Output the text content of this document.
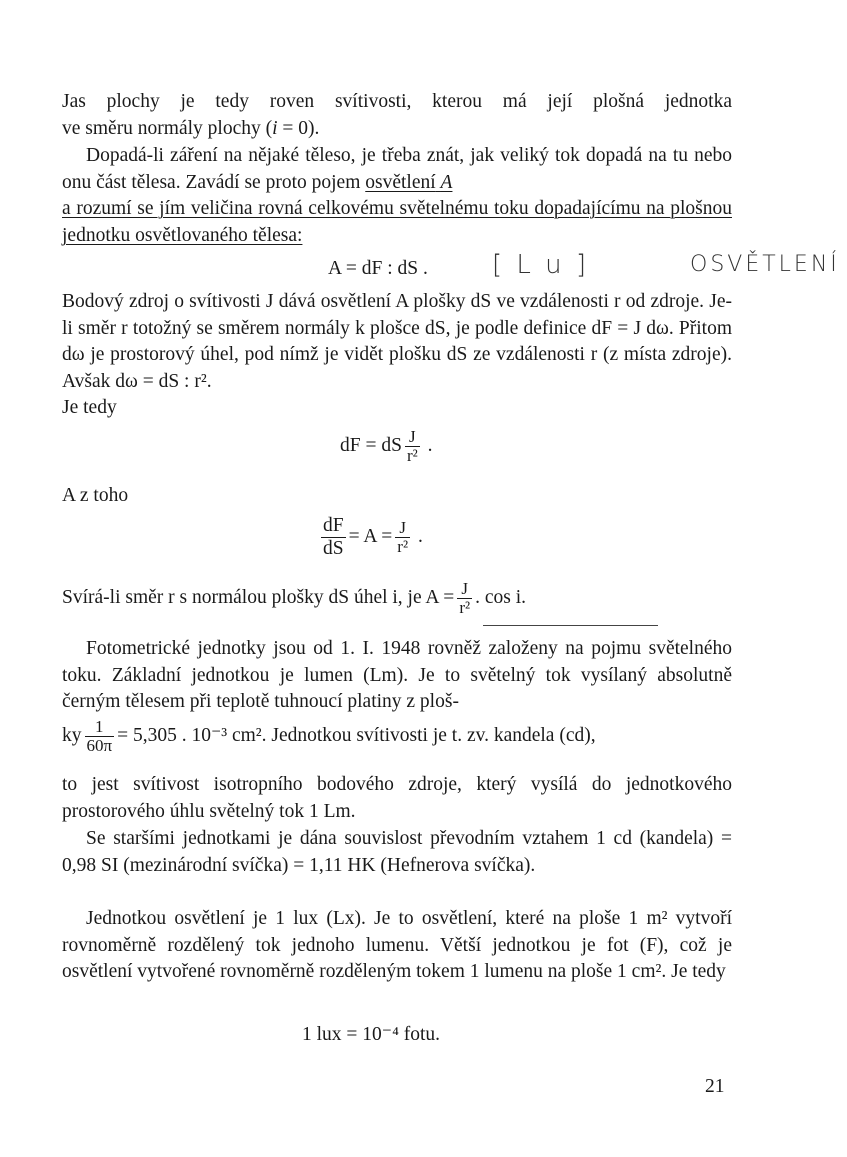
Jas plochy je tedy roven svítivosti, kterou má její plošná jednotka

ve směru normály plochy (i = 0).

Dopadá-li záření na nějaké těleso, je třeba znát, jak veliký tok dopadá na tu nebo onu část tělesa. Zavádí se proto pojem osvětlení A
a rozumí se jím veličina rovná celkovému světelnému toku dopadajícímu na plošnou jednotku osvětlovaného tělesa:

A = dF : dS . [ L u ]	OSVĚTLENÍ

Bodový zdroj o svítivosti J dává osvětlení A plošky dS ve vzdálenosti r od zdroje. Je-li směr r totožný se směrem normály k plošce dS, je podle definice dF = J dω. Přitom dω je prostorový úhel, pod nímž je vidět plošku dS ze vzdálenosti r (z místa zdroje). Avšak dω = dS : r².

Je tedy

dF = dS $\frac{J}{\text{r²}}$ .

A z toho

$\frac{dF}{dS} = A = \frac{J}{\text{r²}}$ .
Svírá-li směr r s normálou plošky dS úhel i, je $A = \frac{J}{\text{r²}}$ . cos i.

Fotometrické jednotky jsou od 1. I. 1948 rovněž založeny na pojmu světelného toku. Základní jednotkou je lumen (Lm). Je to světelný tok vysílaný absolutně černým tělesem při teplotě tuhnoucí platiny z ploš-

ky $\frac{1}{60\pi} = 5,305$ . 10⁻³ cm². Jednotkou svítivosti je t. zv. kandela (cd),

to jest svítivost isotropního bodového zdroje, který vysílá do jednotkového prostorového úhlu světelný tok 1 Lm.

Se staršími jednotkami je dána souvislost převodním vztahem 1 cd (kandela) = 0,98 SI (mezinárodní svíčka) = 1,11 HK (Hefnerova svíčka).

Jednotkou osvětlení je 1 lux (Lx). Je to osvětlení, které na ploše 1 m² vytvoří rovnoměrně rozdělený tok jednoho lumenu. Větší jednotkou je fot (F), což je osvětlení vytvořené rovnoměrně rozděleným tokem 1 lumenu na ploše 1 cm². Je tedy

1 lux = 10⁻⁴ fotu.
21
